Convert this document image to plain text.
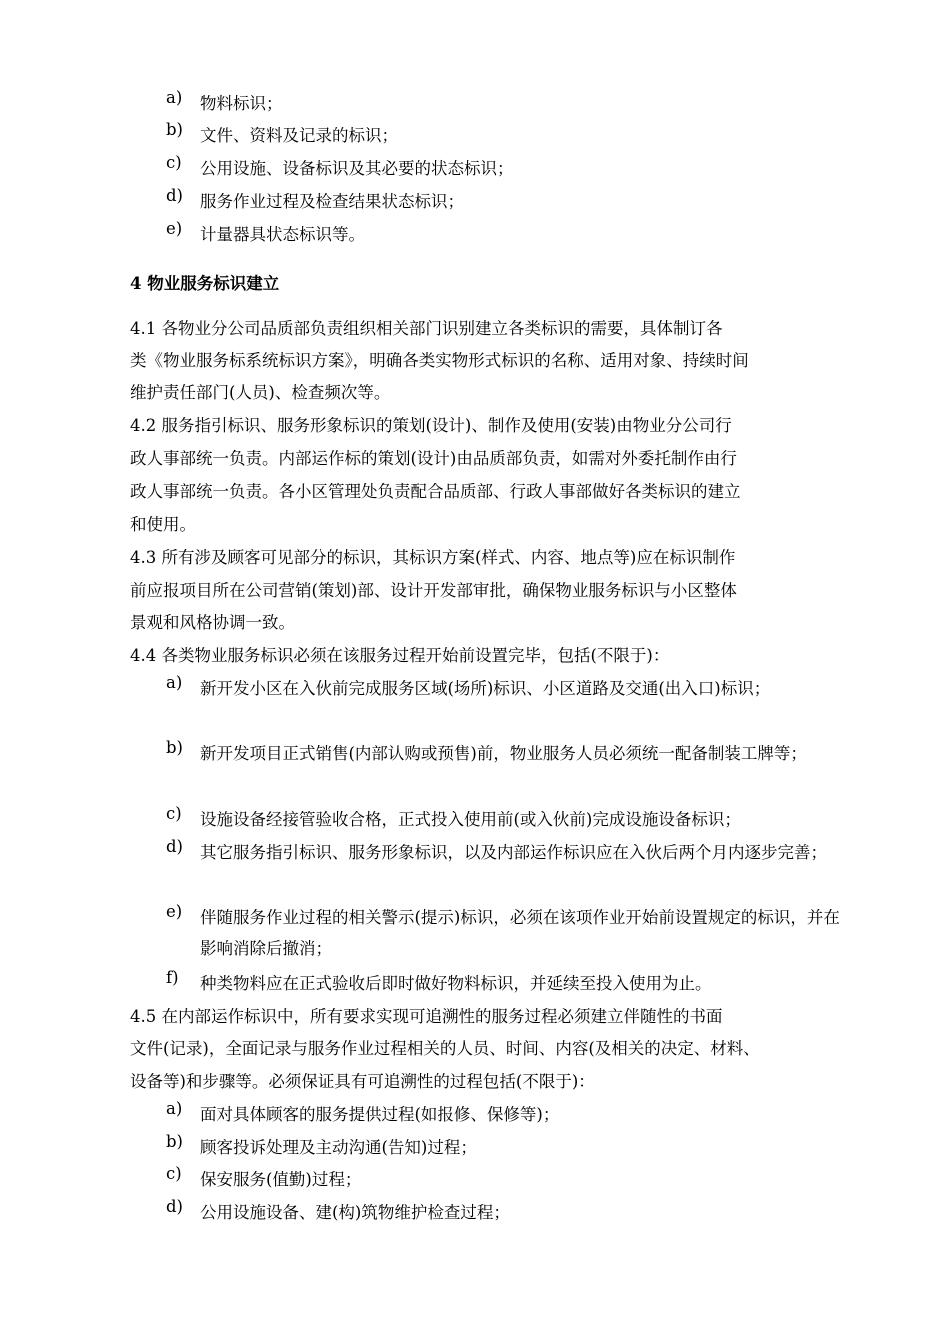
a)	物料标识；
b)	文件、资料及记录的标识；
c)	公用设施、设备标识及其必要的状态标识；
d)	服务作业过程及检查结果状态标识；
e)	计量器具状态标识等。
4 物业服务标识建立
4.1 各物业分公司品质部负责组织相关部门识别建立各类标识的需要，具体制订各
类《物业服务标系统标识方案》，明确各类实物形式标识的名称、适用对象、持续时间
维护责任部门(人员)、检查频次等。
4.2 服务指引标识、服务形象标识的策划(设计)、制作及使用(安装)由物业分公司行
政人事部统一负责。内部运作标的策划(设计)由品质部负责，如需对外委托制作由行
政人事部统一负责。各小区管理处负责配合品质部、行政人事部做好各类标识的建立
和使用。
4.3 所有涉及顾客可见部分的标识，其标识方案(样式、内容、地点等)应在标识制作
前应报项目所在公司营销(策划)部、设计开发部审批，确保物业服务标识与小区整体
景观和风格协调一致。
4.4 各类物业服务标识必须在该服务过程开始前设置完毕，包括(不限于)：
a)	新开发小区在入伙前完成服务区域(场所)标识、小区道路及交通(出入口)标识；
b)	新开发项目正式销售(内部认购或预售)前，物业服务人员必须统一配备制装工牌等；
c)	设施设备经接管验收合格，正式投入使用前(或入伙前)完成设施设备标识；
d)	其它服务指引标识、服务形象标识，以及内部运作标识应在入伙后两个月内逐步完善；
e)	伴随服务作业过程的相关警示(提示)标识，必须在该项作业开始前设置规定的标识，并在影响消除后撤消；
f)	种类物料应在正式验收后即时做好物料标识，并延续至投入使用为止。
4.5 在内部运作标识中，所有要求实现可追溯性的服务过程必须建立伴随性的书面
文件(记录)，全面记录与服务作业过程相关的人员、时间、内容(及相关的决定、材料、
设备等)和步骤等。必须保证具有可追溯性的过程包括(不限于)：
a)	面对具体顾客的服务提供过程(如报修、保修等)；
b)	顾客投诉处理及主动沟通(告知)过程；
c)	保安服务(值勤)过程；
d)	公用设施设备、建(构)筑物维护检查过程；
